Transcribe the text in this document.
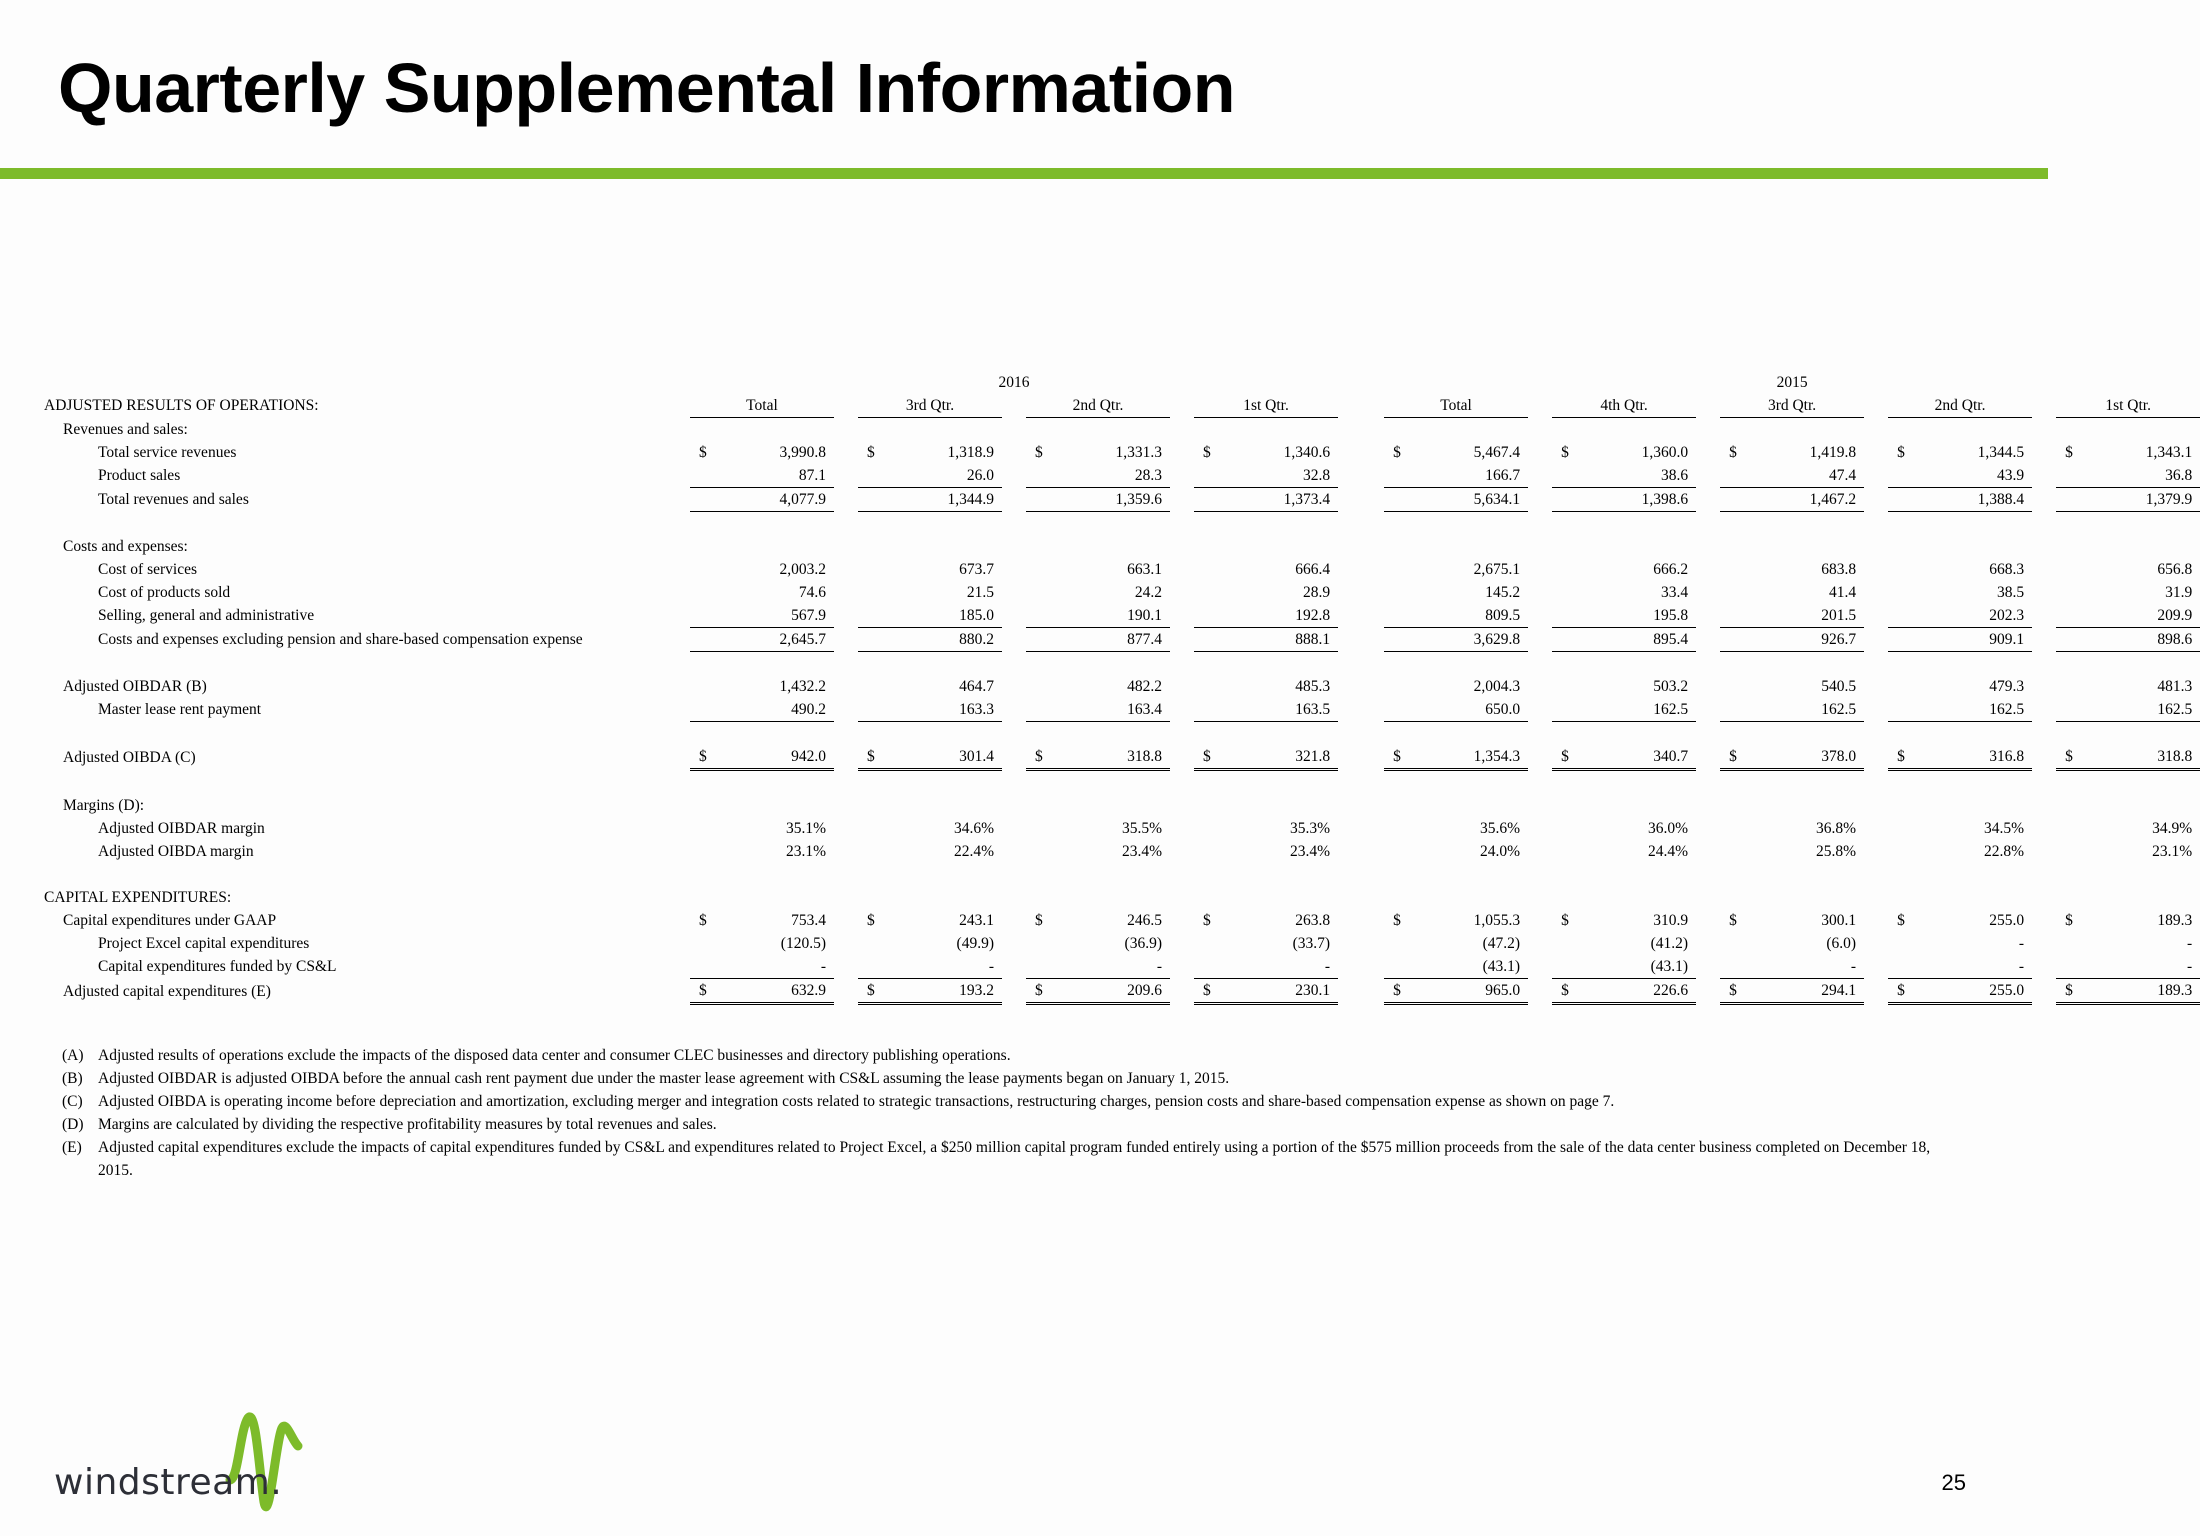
Quarterly Supplemental Information
	2016												2015													
ADJUSTED RESULTS OF OPERATIONS:	Total			3rd Qtr.			2nd Qtr.			1st Qtr.			Total			4th Qtr.			3rd Qtr.			2nd Qtr.			1st Qtr.	
Revenues and sales:																										
Total service revenues	$	3,990.8		$	1,318.9		$	1,331.3		$	1,340.6		$	5,467.4		$	1,360.0		$	1,419.8		$	1,344.5		$	1,343.1
Product sales		87.1			26.0			28.3			32.8			166.7			38.6			47.4			43.9			36.8
Total revenues and sales		4,077.9			1,344.9			1,359.6			1,373.4			5,634.1			1,398.6			1,467.2			1,388.4			1,379.9

Costs and expenses:																										
Cost of services		2,003.2			673.7			663.1			666.4			2,675.1			666.2			683.8			668.3			656.8
Cost of products sold		74.6			21.5			24.2			28.9			145.2			33.4			41.4			38.5			31.9
Selling, general and administrative		567.9			185.0			190.1			192.8			809.5			195.8			201.5			202.3			209.9
Costs and expenses excluding pension and share-based compensation expense		2,645.7			880.2			877.4			888.1			3,629.8			895.4			926.7			909.1			898.6

Adjusted OIBDAR (B)		1,432.2			464.7			482.2			485.3			2,004.3			503.2			540.5			479.3			481.3
Master lease rent payment		490.2			163.3			163.4			163.5			650.0			162.5			162.5			162.5			162.5

Adjusted OIBDA (C)	$	942.0		$	301.4		$	318.8		$	321.8		$	1,354.3		$	340.7		$	378.0		$	316.8		$	318.8

Margins (D):																										
Adjusted OIBDAR margin		35.1%			34.6%			35.5%			35.3%			35.6%			36.0%			36.8%			34.5%			34.9%
Adjusted OIBDA margin		23.1%			22.4%			23.4%			23.4%			24.0%			24.4%			25.8%			22.8%			23.1%

CAPITAL EXPENDITURES:																										
Capital expenditures under GAAP	$	753.4		$	243.1		$	246.5		$	263.8		$	1,055.3		$	310.9		$	300.1		$	255.0		$	189.3
Project Excel capital expenditures		(120.5)			(49.9)			(36.9)			(33.7)			(47.2)			(41.2)			(6.0)			-			-
Capital expenditures funded by CS&L		-			-			-			-			(43.1)			(43.1)			-			-			-
Adjusted capital expenditures (E)	$	632.9		$	193.2		$	209.6		$	230.1		$	965.0		$	226.6		$	294.1		$	255.0		$	189.3
(A) Adjusted results of operations exclude the impacts of the disposed data center and consumer CLEC businesses and directory publishing operations.
(B) Adjusted OIBDAR is adjusted OIBDA before the annual cash rent payment due under the master lease agreement with CS&L assuming the lease payments began on January 1, 2015.
(C) Adjusted OIBDA is operating income before depreciation and amortization, excluding merger and integration costs related to strategic transactions, restructuring charges, pension costs and share-based compensation expense as shown on page 7.
(D) Margins are calculated by dividing the respective profitability measures by total revenues and sales.
(E)	Adjusted capital expenditures exclude the impacts of capital expenditures funded by CS&L and expenditures related to Project Excel, a $250 million capital program funded entirely using a portion of the $575 million proceeds from the sale of the data center business completed on December 18, 2015.
windstream.	25
